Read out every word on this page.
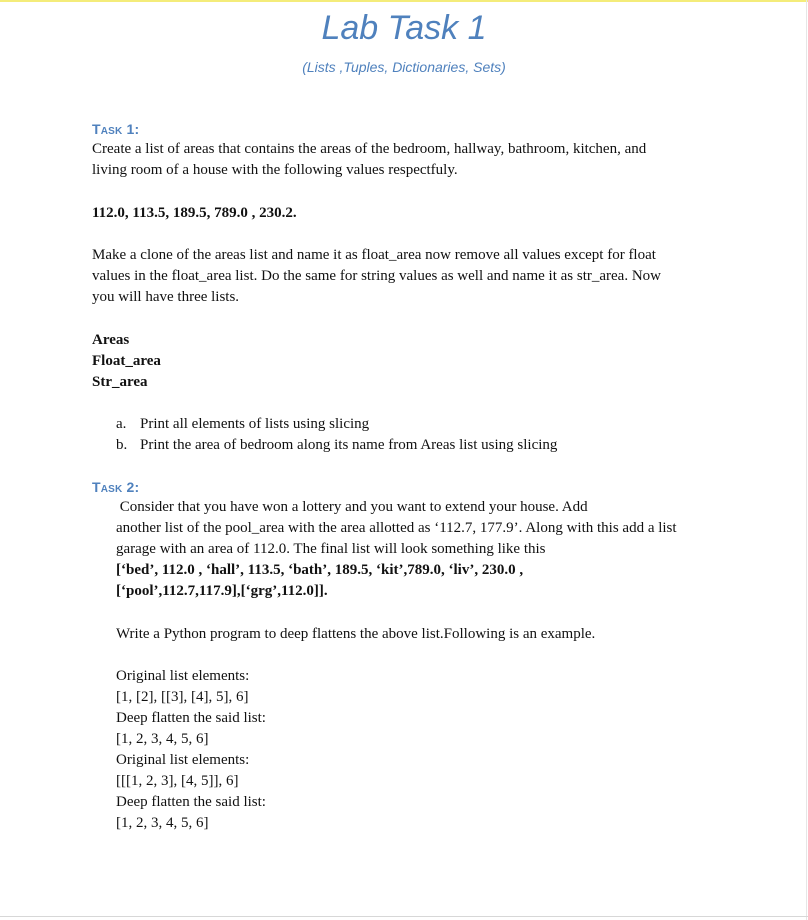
Lab Task 1
(Lists ,Tuples, Dictionaries, Sets)
Task 1:
Create a list of areas that contains the areas of the bedroom, hallway, bathroom, kitchen, and
living room of a house with the following values respectfuly.
112.0, 113.5, 189.5, 789.0 , 230.2.
Make a clone of the areas list and name it as float_area now remove all values except for float
values in the float_area list. Do the same for string values as well and name it as str_area. Now
you will have three lists.
Areas
Float_area
Str_area
a. Print all elements of lists using slicing
b. Print the area of bedroom along its name from Areas list using slicing
Task 2:
Consider that you have won a lottery and you want to extend your house. Add
another list of the pool_area with the area allotted as ‘112.7, 177.9’. Along with this add a list
garage with an area of 112.0. The final list will look something like this
[‘bed’, 112.0 , ‘hall’, 113.5, ‘bath’, 189.5, ‘kit’,789.0, ‘liv’, 230.0 ,
[‘pool’,112.7,117.9],[‘grg’,112.0]].
Write a Python program to deep flattens the above list.Following is an example.
Original list elements:
[1, [2], [[3], [4], 5], 6]
Deep flatten the said list:
[1, 2, 3, 4, 5, 6]
Original list elements:
[[[1, 2, 3], [4, 5]], 6]
Deep flatten the said list:
[1, 2, 3, 4, 5, 6]
